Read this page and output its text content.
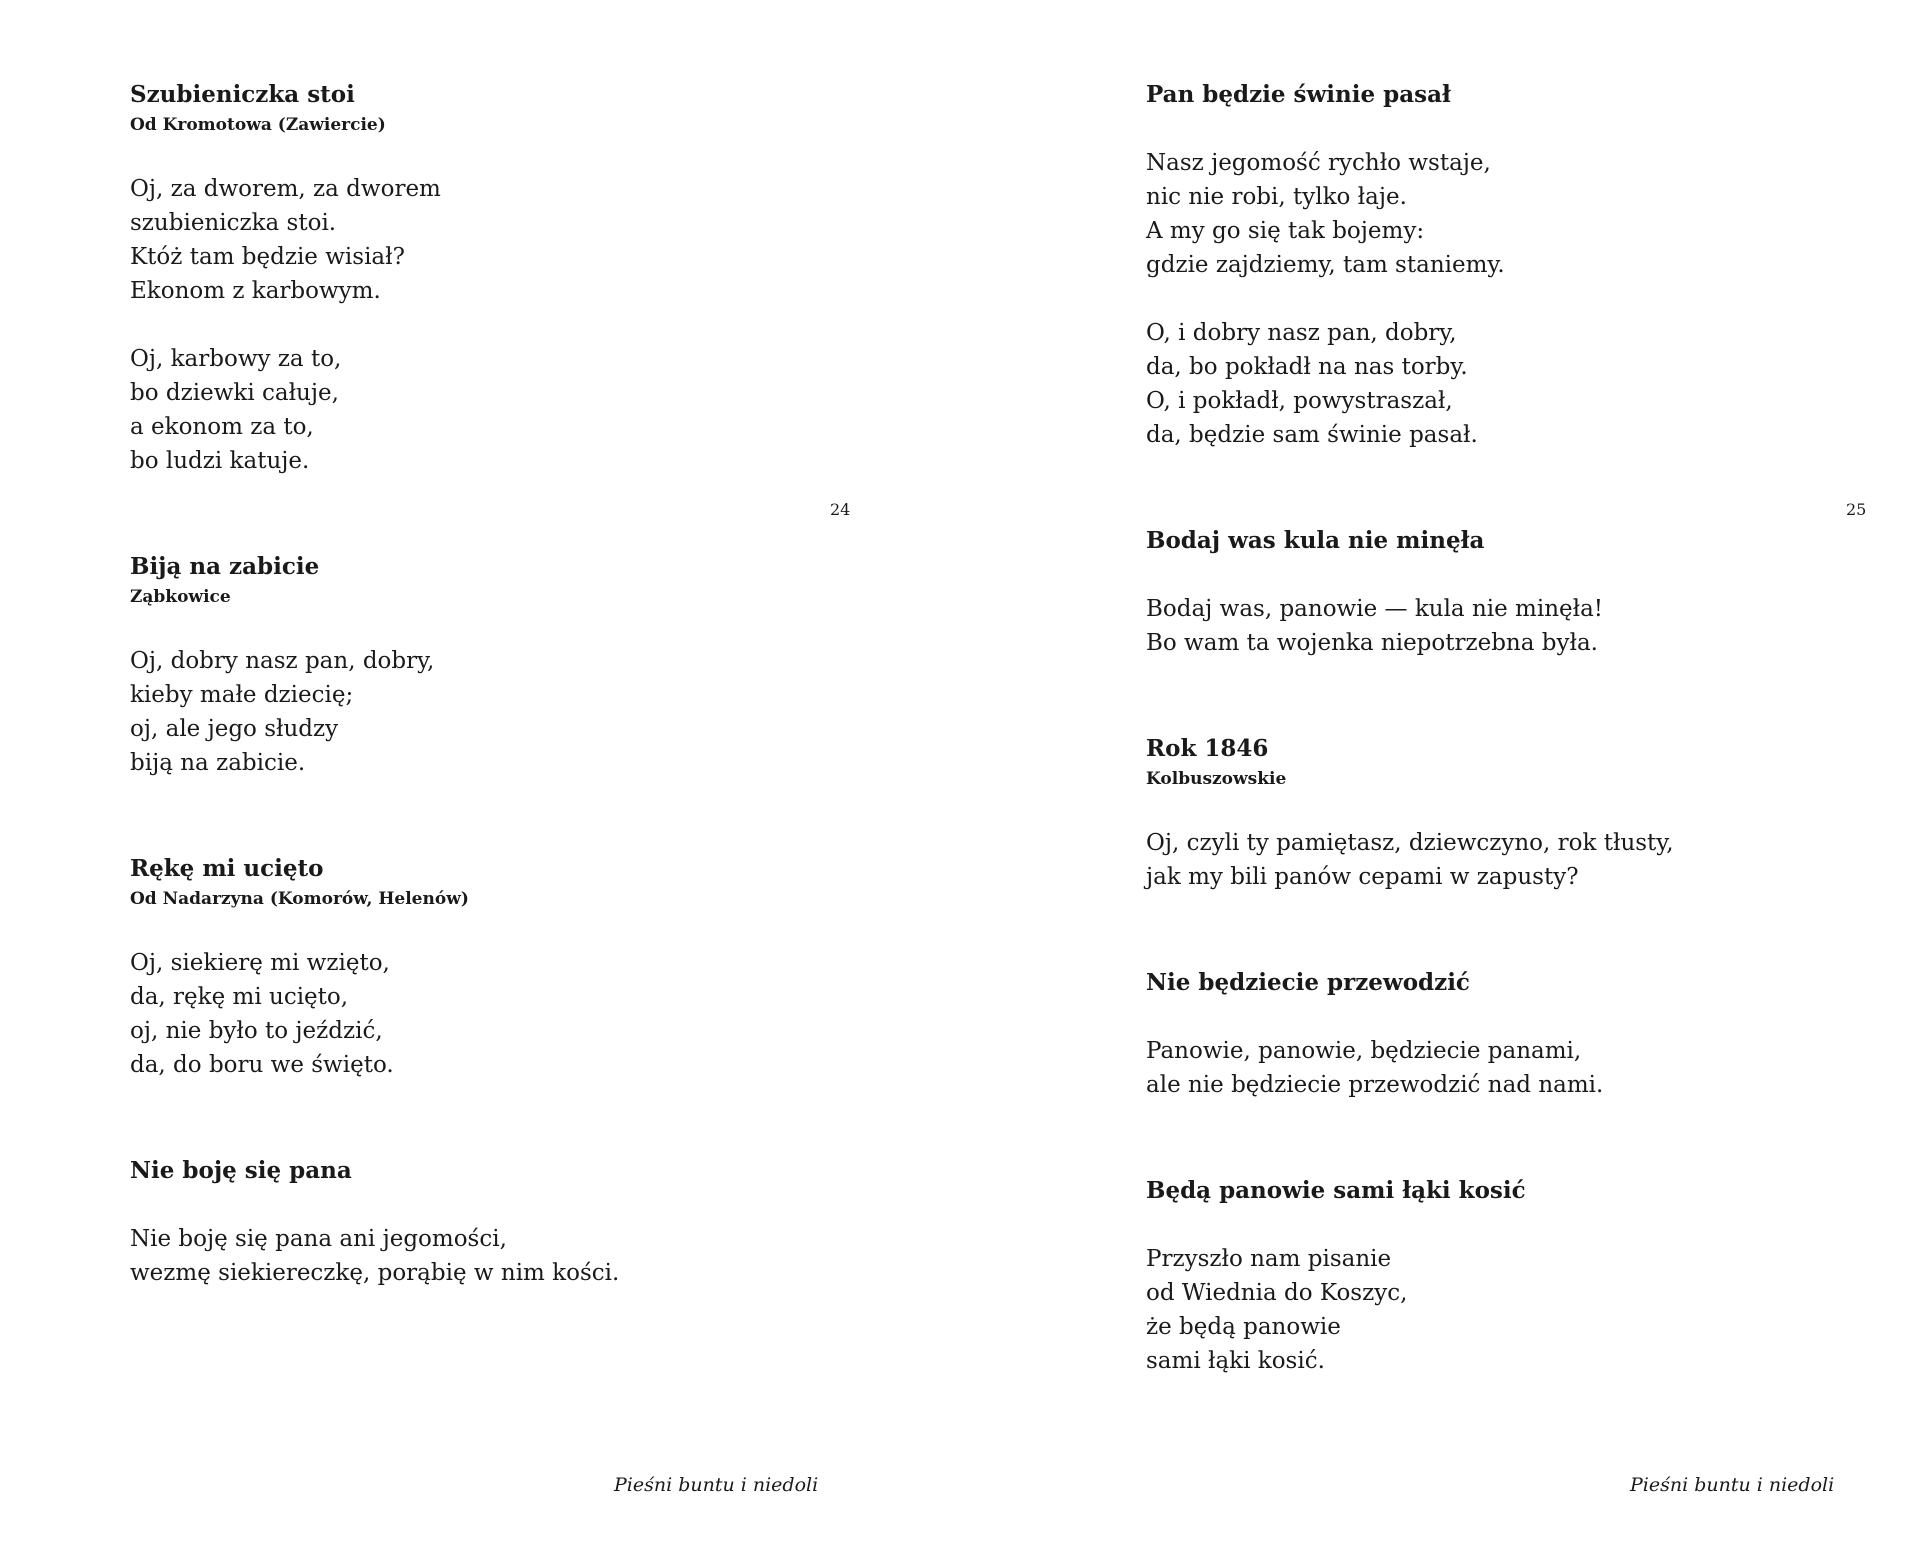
Szubieniczka stoi
Od Kromotowa (Zawiercie)

Oj, za dworem, za dworem
szubieniczka stoi.
Któż tam będzie wisiał?
Ekonom z karbowym.

Oj, karbowy za to,
bo dziewki całuje,
a ekonom za to,
bo ludzi katuje.

Biją na zabicie
Ząbkowice

Oj, dobry nasz pan, dobry,
kieby małe dziecię;
oj, ale jego słudzy
biją na zabicie.

Rękę mi ucięto
Od Nadarzyna (Komorów, Helenów)

Oj, siekierę mi wzięto,
da, rękę mi ucięto,
oj, nie było to jeździć,
da, do boru we święto.

Nie boję się pana

Nie boję się pana ani jegomości,
wezmę siekiereczkę, porąbię w nim kości.

24
Pieśni buntu i niedoli
Pan będzie świnie pasał

Nasz jegomość rychło wstaje,
nic nie robi, tylko łaje.
A my go się tak bojemy:
gdzie zajdziemy, tam staniemy.

O, i dobry nasz pan, dobry,
da, bo pokładł na nas torby.
O, i pokładł, powystraszał,
da, będzie sam świnie pasał.

Bodaj was kula nie minęła

Bodaj was, panowie — kula nie minęła!
Bo wam ta wojenka niepotrzebna była.

Rok 1846
Kolbuszowskie

Oj, czyli ty pamiętasz, dziewczyno, rok tłusty,
jak my bili panów cepami w zapusty?

Nie będziecie przewodzić

Panowie, panowie, będziecie panami,
ale nie będziecie przewodzić nad nami.

Będą panowie sami łąki kosić

Przyszło nam pisanie
od Wiednia do Koszyc,
że będą panowie
sami łąki kosić.

25
Pieśni buntu i niedoli
